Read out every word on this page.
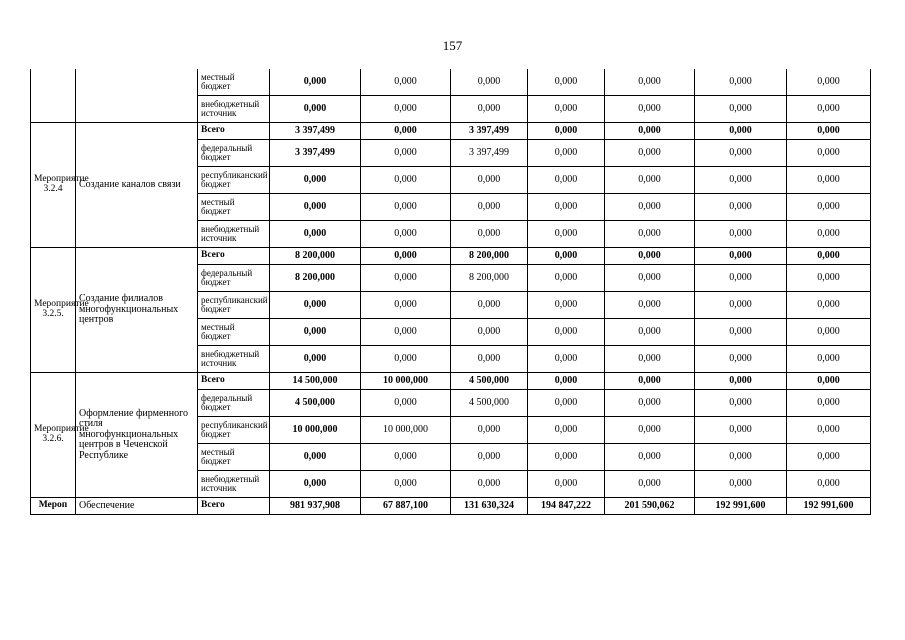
157
		местный бюджет	0,000	0,000	0,000	0,000	0,000	0,000	0,000
		внебюджетный источник	0,000	0,000	0,000	0,000	0,000	0,000	0,000
Мероприятие 3.2.4	Создание каналов связи	Всего	3 397,499	0,000	3 397,499	0,000	0,000	0,000	0,000
		федеральный бюджет	3 397,499	0,000	3 397,499	0,000	0,000	0,000	0,000
		республиканский бюджет	0,000	0,000	0,000	0,000	0,000	0,000	0,000
		местный бюджет	0,000	0,000	0,000	0,000	0,000	0,000	0,000
		внебюджетный источник	0,000	0,000	0,000	0,000	0,000	0,000	0,000
Мероприятие 3.2.5.	Создание филиалов многофункциональных центров	Всего	8 200,000	0,000	8 200,000	0,000	0,000	0,000	0,000
		федеральный бюджет	8 200,000	0,000	8 200,000	0,000	0,000	0,000	0,000
		республиканский бюджет	0,000	0,000	0,000	0,000	0,000	0,000	0,000
		местный бюджет	0,000	0,000	0,000	0,000	0,000	0,000	0,000
		внебюджетный источник	0,000	0,000	0,000	0,000	0,000	0,000	0,000
Мероприятие 3.2.6.	Оформление фирменного стиля многофункциональных центров в Чеченской Республике	Всего	14 500,000	10 000,000	4 500,000	0,000	0,000	0,000	0,000
		федеральный бюджет	4 500,000	0,000	4 500,000	0,000	0,000	0,000	0,000
		республиканский бюджет	10 000,000	10 000,000	0,000	0,000	0,000	0,000	0,000
		местный бюджет	0,000	0,000	0,000	0,000	0,000	0,000	0,000
		внебюджетный источник	0,000	0,000	0,000	0,000	0,000	0,000	0,000
Мероп	Обеспечение	Всего	981 937,908	67 887,100	131 630,324	194 847,222	201 590,062	192 991,600	192 991,600
